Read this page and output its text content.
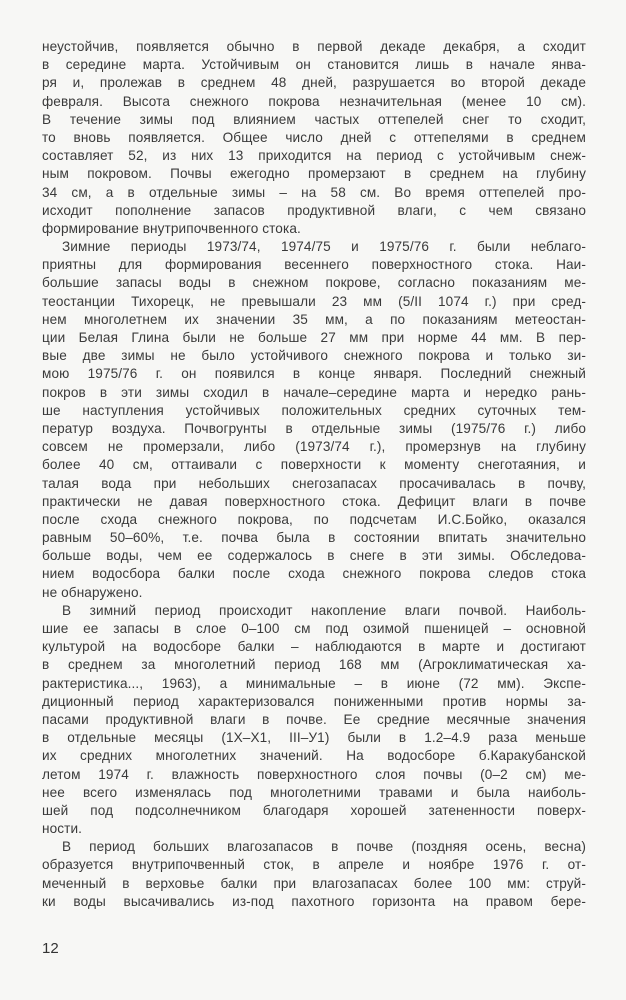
неустойчив, появляется обычно в первой декаде декабря, а сходит
в середине марта. Устойчивым он становится лишь в начале янва-
ря и, пролежав в среднем 48 дней, разрушается во второй декаде
февраля. Высота снежного покрова незначительная (менее 10 см).
В течение зимы под влиянием частых оттепелей снег то сходит,
то вновь появляется. Общее число дней с оттепелями в среднем
составляет 52, из них 13 приходится на период с устойчивым снеж-
ным покровом. Почвы ежегодно промерзают в среднем на глубину
34 см, а в отдельные зимы – на 58 см. Во время оттепелей про-
исходит пополнение запасов продуктивной влаги, с чем связано
формирование внутрипочвенного стока.
Зимние периоды 1973/74, 1974/75 и 1975/76 г. были неблаго-
приятны для формирования весеннего поверхностного стока. Наи-
большие запасы воды в снежном покрове, согласно показаниям ме-
теостанции Тихорецк, не превышали 23 мм (5/II 1074 г.) при сред-
нем многолетнем их значении 35 мм, а по показаниям метеостан-
ции Белая Глина были не больше 27 мм при норме 44 мм. В пер-
вые две зимы не было устойчивого снежного покрова и только зи-
мою 1975/76 г. он появился в конце января. Последний снежный
покров в эти зимы сходил в начале–середине марта и нередко рань-
ше наступления устойчивых положительных средних суточных тем-
ператур воздуха. Почвогрунты в отдельные зимы (1975/76 г.) либо
совсем не промерзали, либо (1973/74 г.), промерзнув на глубину
более 40 см, оттаивали с поверхности к моменту снеготаяния, и
талая вода при небольших снегозапасах просачивалась в почву,
практически не давая поверхностного стока. Дефицит влаги в почве
после схода снежного покрова, по подсчетам И.С.Бойко, оказался
равным 50–60%, т.е. почва была в состоянии впитать значительно
больше воды, чем ее содержалось в снеге в эти зимы. Обследова-
нием водосбора балки после схода снежного покрова следов стока
не обнаружено.
В зимний период происходит накопление влаги почвой. Наиболь-
шие ее запасы в слое 0–100 см под озимой пшеницей – основной
культурой на водосборе балки – наблюдаются в марте и достигают
в среднем за многолетний период 168 мм (Агроклиматическая ха-
рактеристика..., 1963), а минимальные – в июне (72 мм). Экспе-
диционный период характеризовался пониженными против нормы за-
пасами продуктивной влаги в почве. Ее средние месячные значения
в отдельные месяцы (1Х–Х1, III–У1) были в 1.2–4.9 раза меньше
их средних многолетних значений. На водосборе б.Каракубанской
летом 1974 г. влажность поверхностного слоя почвы (0–2 см) ме-
нее всего изменялась под многолетними травами и была наиболь-
шей под подсолнечником благодаря хорошей затененности поверх-
ности.
В период больших влагозапасов в почве (поздняя осень, весна)
образуется внутрипочвенный сток, в апреле и ноябре 1976 г. от-
меченный в верховье балки при влагозапасах более 100 мм: струй-
ки воды высачивались из-под пахотного горизонта на правом бере-
12
